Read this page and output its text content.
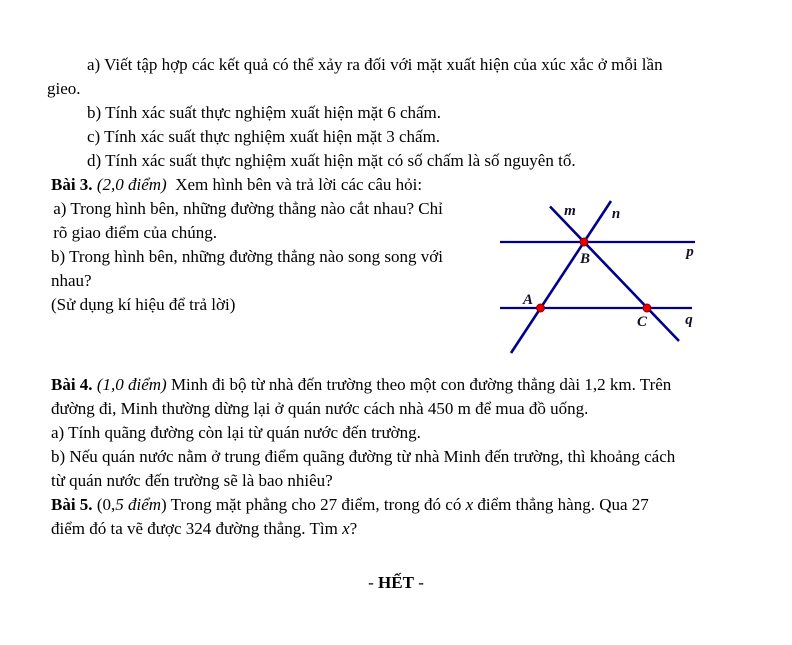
a) Viết tập hợp các kết quả có thể xảy ra đối với mặt xuất hiện của xúc xắc ở mỗi lần
gieo.
b) Tính xác suất thực nghiệm xuất hiện mặt 6 chấm.
c) Tính xác suất thực nghiệm xuất hiện mặt 3 chấm.
d) Tính xác suất thực nghiệm xuất hiện mặt có số chấm là số nguyên tố.
Bài 3. (2,0 điểm)  Xem hình bên và trả lời các câu hỏi:
a) Trong hình bên, những đường thẳng nào cắt nhau? Chỉ
rõ giao điểm của chúng.
b) Trong hình bên, những đường thẳng nào song song với
nhau?
(Sử dụng kí hiệu để trả lời)
m n
p
q
A
B
C
Bài 4. (1,0 điểm) Minh đi bộ từ nhà đến trường theo một con đường thẳng dài 1,2 km. Trên
đường đi, Minh thường dừng lại ở quán nước cách nhà 450 m để mua đồ uống.
a) Tính quãng đường còn lại từ quán nước đến trường.
b) Nếu quán nước nằm ở trung điểm quãng đường từ nhà Minh đến trường, thì khoảng cách
từ quán nước đến trường sẽ là bao nhiêu?
Bài 5. (0,5 điểm) Trong mặt phẳng cho 27 điểm, trong đó có x điểm thẳng hàng. Qua 27
điểm đó ta vẽ được 324 đường thẳng. Tìm x?
- HẾT -
